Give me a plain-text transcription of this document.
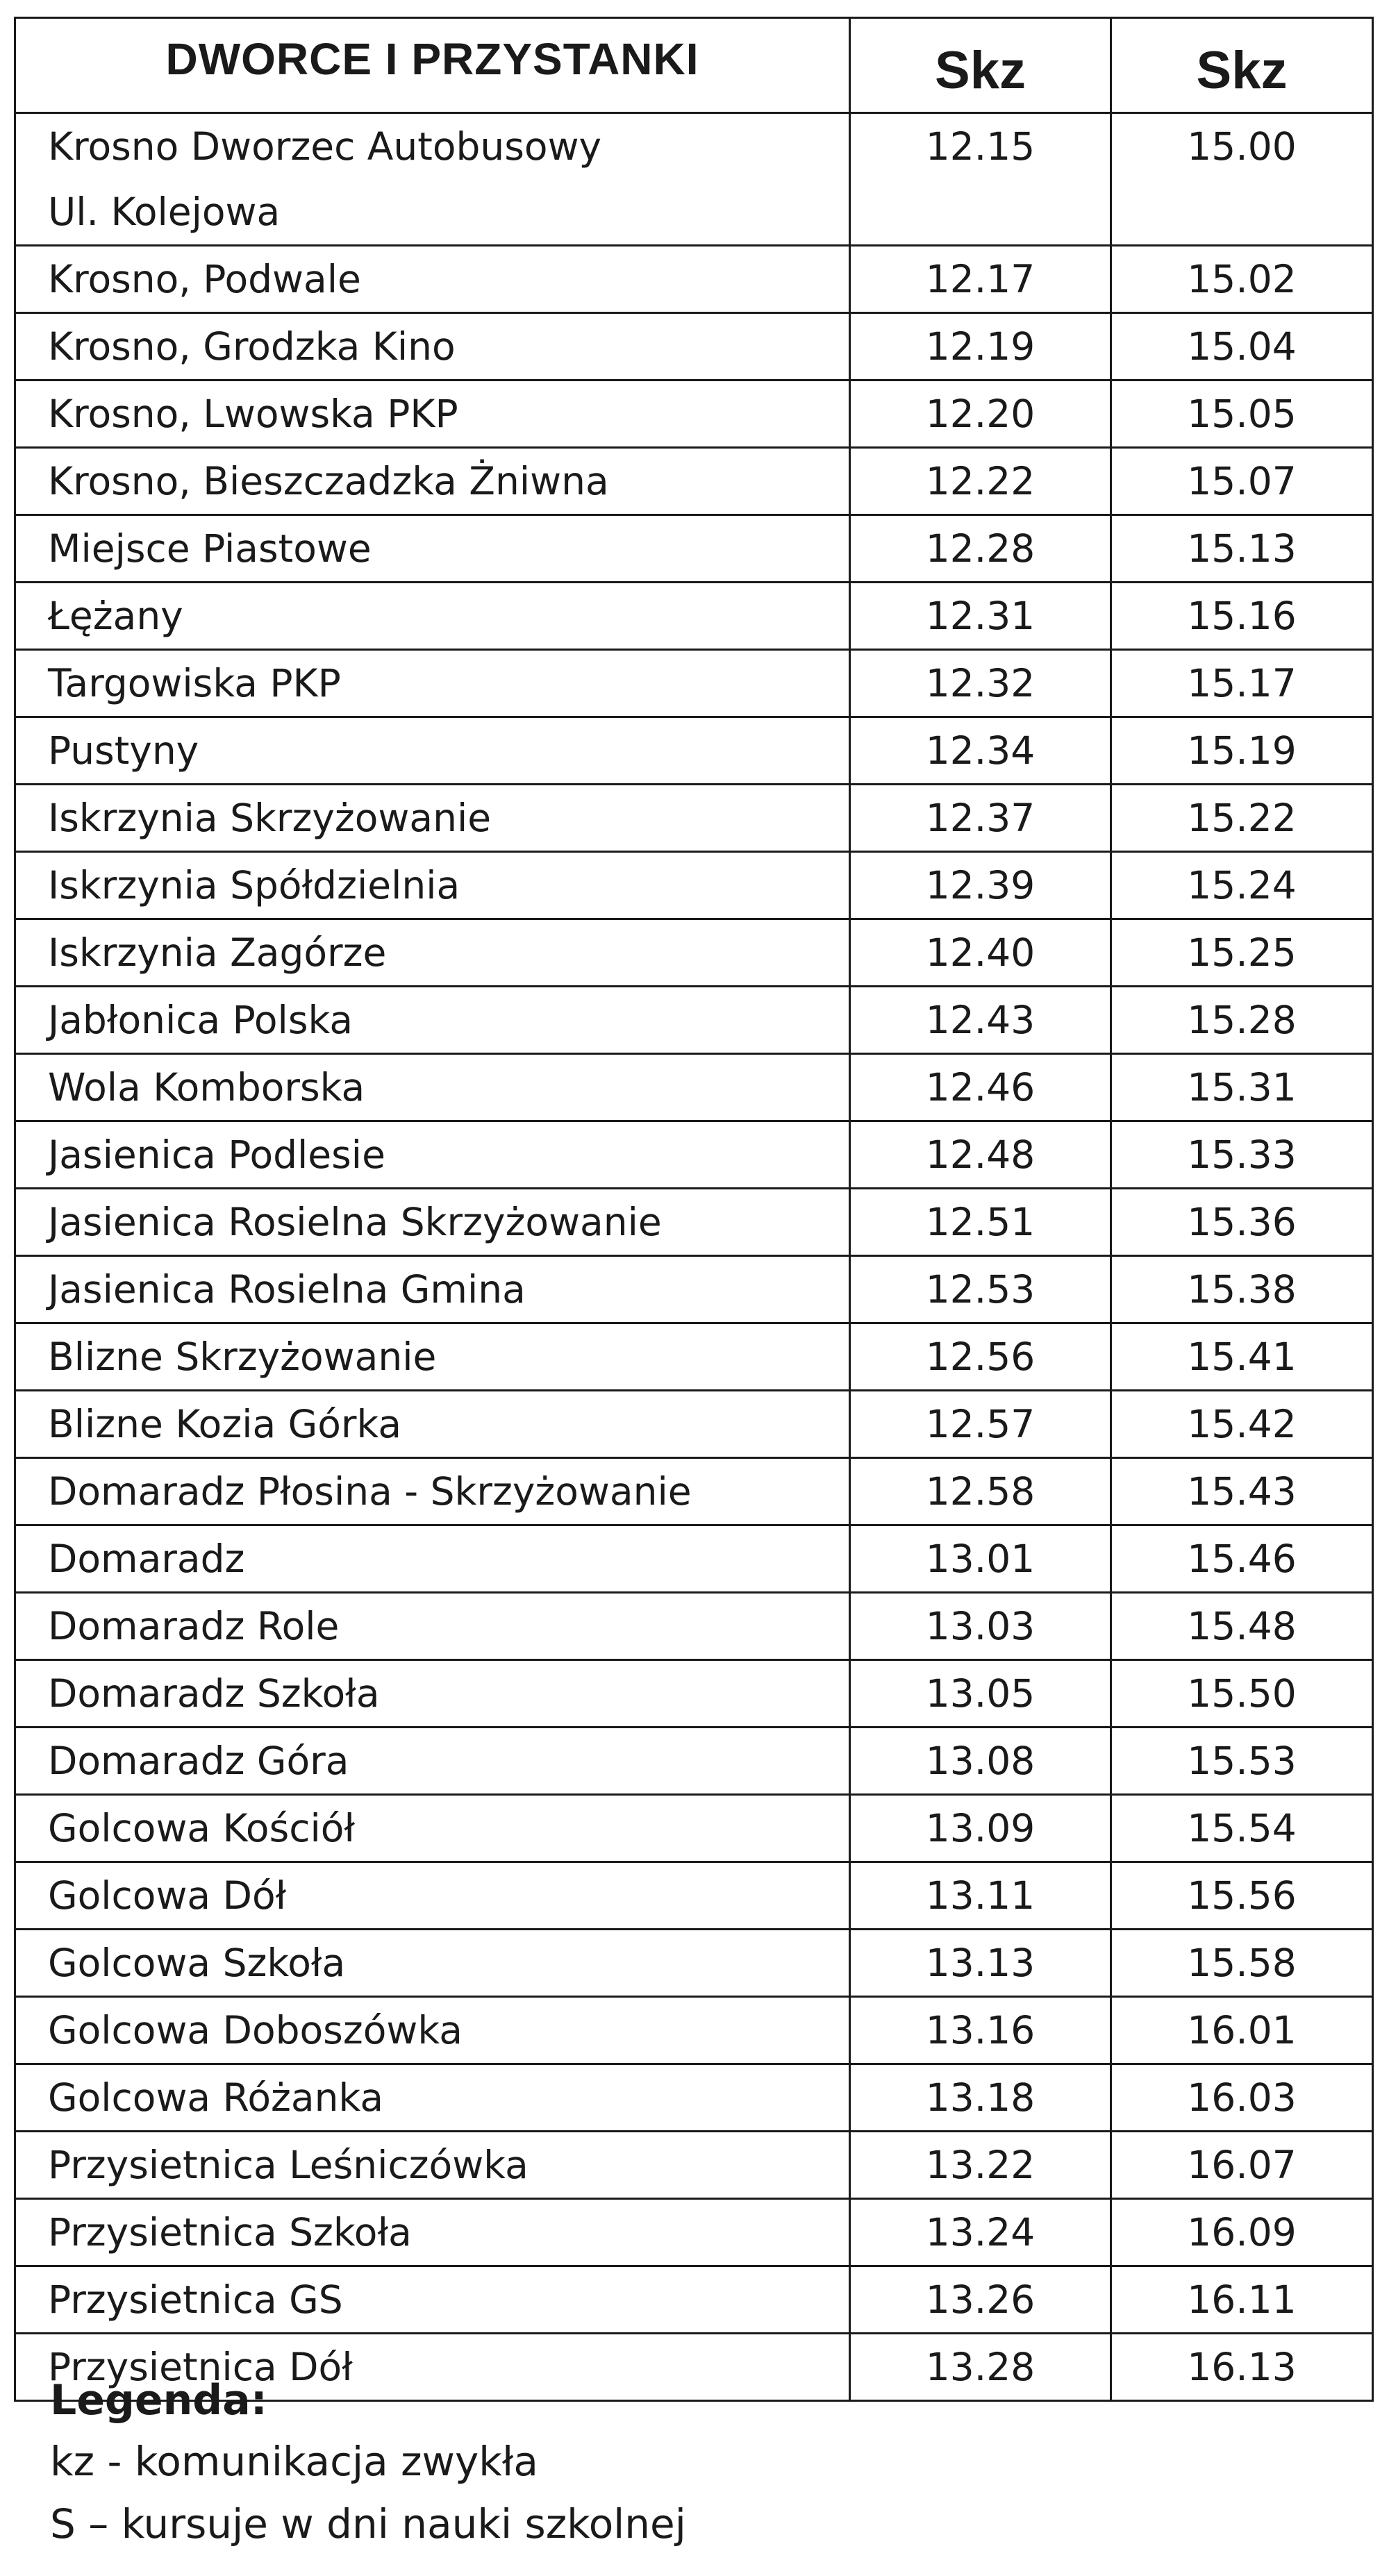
DWORCE I PRZYSTANKI	Skz	Skz

Krosno Dworzec Autobusowy
Ul. Kolejowa	12.15	15.00

Krosno, Podwale	12.17	15.02

Krosno, Grodzka Kino	12.19	15.04

Krosno, Lwowska PKP	12.20	15.05

Krosno, Bieszczadzka Żniwna	12.22	15.07

Miejsce Piastowe	12.28	15.13

Łężany	12.31	15.16

Targowiska PKP	12.32	15.17

Pustyny	12.34	15.19

Iskrzynia Skrzyżowanie	12.37	15.22

Iskrzynia Spółdzielnia	12.39	15.24

Iskrzynia Zagórze	12.40	15.25

Jabłonica Polska	12.43	15.28

Wola Komborska	12.46	15.31

Jasienica Podlesie	12.48	15.33

Jasienica Rosielna Skrzyżowanie	12.51	15.36

Jasienica Rosielna Gmina	12.53	15.38

Blizne Skrzyżowanie	12.56	15.41

Blizne Kozia Górka	12.57	15.42

Domaradz Płosina - Skrzyżowanie	12.58	15.43

Domaradz	13.01	15.46

Domaradz Role	13.03	15.48

Domaradz Szkoła	13.05	15.50

Domaradz Góra	13.08	15.53

Golcowa Kościół	13.09	15.54

Golcowa Dół	13.11	15.56

Golcowa Szkoła	13.13	15.58

Golcowa Doboszówka	13.16	16.01

Golcowa Różanka	13.18	16.03

Przysietnica Leśniczówka	13.22	16.07

Przysietnica Szkoła	13.24	16.09

Przysietnica GS	13.26	16.11

Przysietnica Dół	13.28	16.13
Legenda:
kz - komunikacja zwykła
S – kursuje w dni nauki szkolnej
